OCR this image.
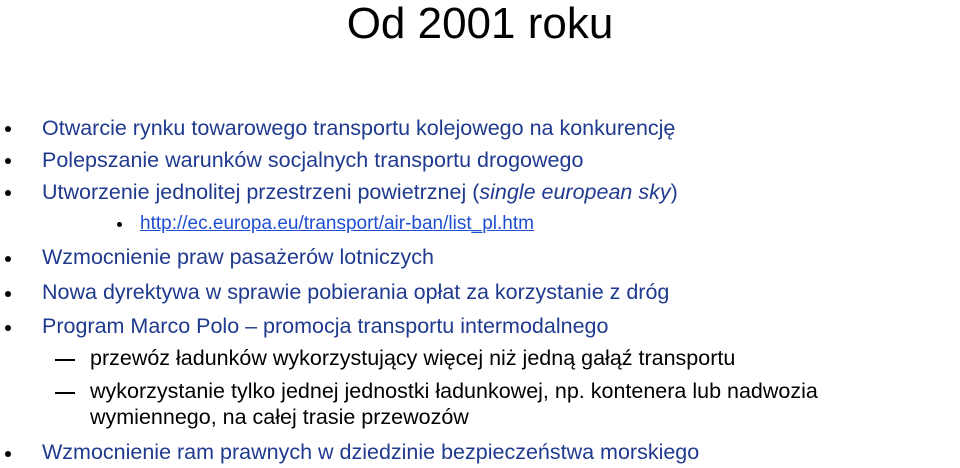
Od 2001 roku
Otwarcie rynku towarowego transportu kolejowego na konkurencję
Polepszanie warunków socjalnych transportu drogowego
Utworzenie jednolitej przestrzeni powietrznej (single european sky)
http://ec.europa.eu/transport/air-ban/list_pl.htm
Wzmocnienie praw pasażerów lotniczych
Nowa dyrektywa w sprawie pobierania opłat za korzystanie z dróg
Program Marco Polo – promocja transportu intermodalnego
przewóz ładunków wykorzystujący więcej niż jedną gałąź transportu
wykorzystanie tylko jednej jednostki ładunkowej, np. kontenera lub nadwozia
wymiennego, na całej trasie przewozów
Wzmocnienie ram prawnych w dziedzinie bezpieczeństwa morskiego
